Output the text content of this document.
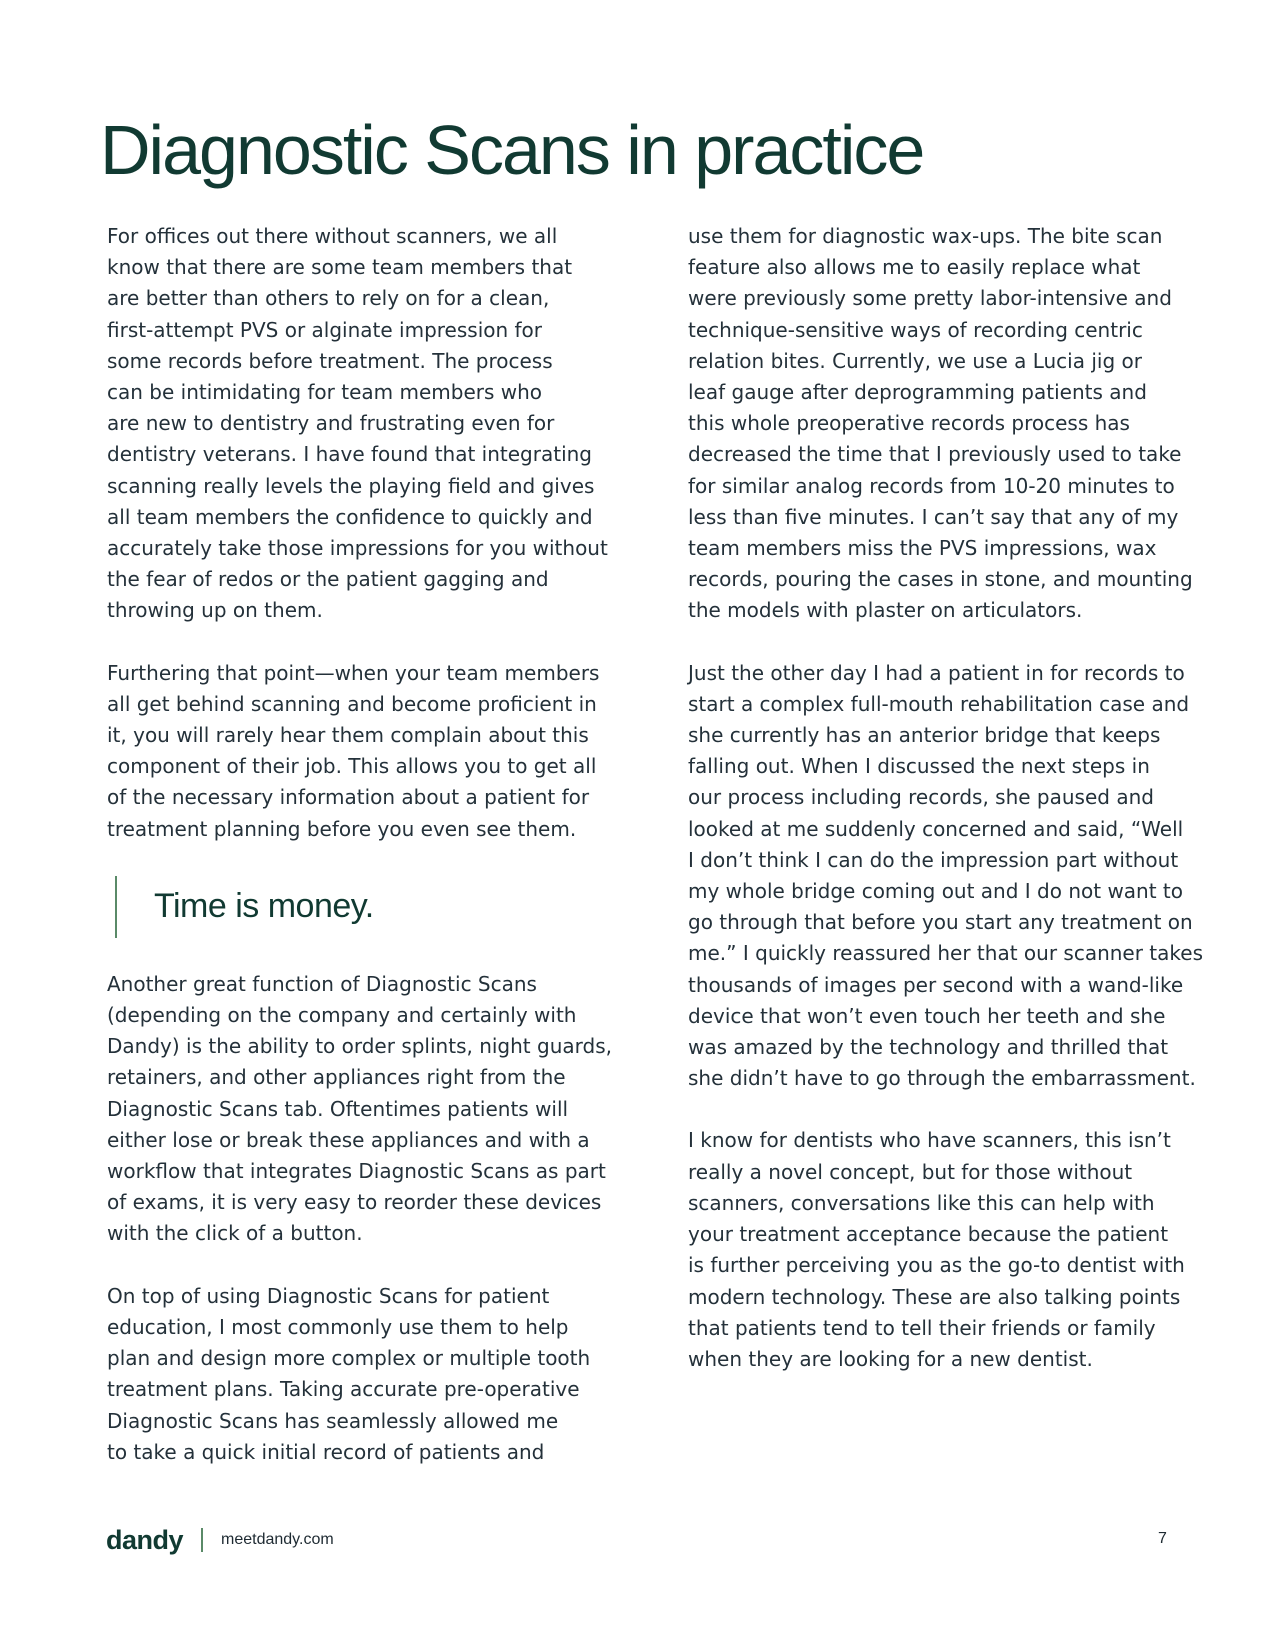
Diagnostic Scans in practice

For offices out there without scanners, we all
know that there are some team members that
are better than others to rely on for a clean,
first-attempt PVS or alginate impression for
some records before treatment. The process
can be intimidating for team members who
are new to dentistry and frustrating even for
dentistry veterans. I have found that integrating
scanning really levels the playing field and gives
all team members the confidence to quickly and
accurately take those impressions for you without
the fear of redos or the patient gagging and
throwing up on them.

Furthering that point—when your team members
all get behind scanning and become proficient in
it, you will rarely hear them complain about this
component of their job. This allows you to get all
of the necessary information about a patient for
treatment planning before you even see them.

Time is money.

Another great function of Diagnostic Scans
(depending on the company and certainly with
Dandy) is the ability to order splints, night guards,
retainers, and other appliances right from the
Diagnostic Scans tab. Oftentimes patients will
either lose or break these appliances and with a
workflow that integrates Diagnostic Scans as part
of exams, it is very easy to reorder these devices
with the click of a button.

On top of using Diagnostic Scans for patient
education, I most commonly use them to help
plan and design more complex or multiple tooth
treatment plans. Taking accurate pre-operative
Diagnostic Scans has seamlessly allowed me
to take a quick initial record of patients and

use them for diagnostic wax-ups. The bite scan
feature also allows me to easily replace what
were previously some pretty labor-intensive and
technique-sensitive ways of recording centric
relation bites. Currently, we use a Lucia jig or
leaf gauge after deprogramming patients and
this whole preoperative records process has
decreased the time that I previously used to take
for similar analog records from 10-20 minutes to
less than five minutes. I can’t say that any of my
team members miss the PVS impressions, wax
records, pouring the cases in stone, and mounting
the models with plaster on articulators.

Just the other day I had a patient in for records to
start a complex full-mouth rehabilitation case and
she currently has an anterior bridge that keeps
falling out. When I discussed the next steps in
our process including records, she paused and
looked at me suddenly concerned and said, “Well
I don’t think I can do the impression part without
my whole bridge coming out and I do not want to
go through that before you start any treatment on
me.” I quickly reassured her that our scanner takes
thousands of images per second with a wand-like
device that won’t even touch her teeth and she
was amazed by the technology and thrilled that
she didn’t have to go through the embarrassment.

I know for dentists who have scanners, this isn’t
really a novel concept, but for those without
scanners, conversations like this can help with
your treatment acceptance because the patient
is further perceiving you as the go-to dentist with
modern technology. These are also talking points
that patients tend to tell their friends or family
when they are looking for a new dentist.

dandy meetdandy.com	7
